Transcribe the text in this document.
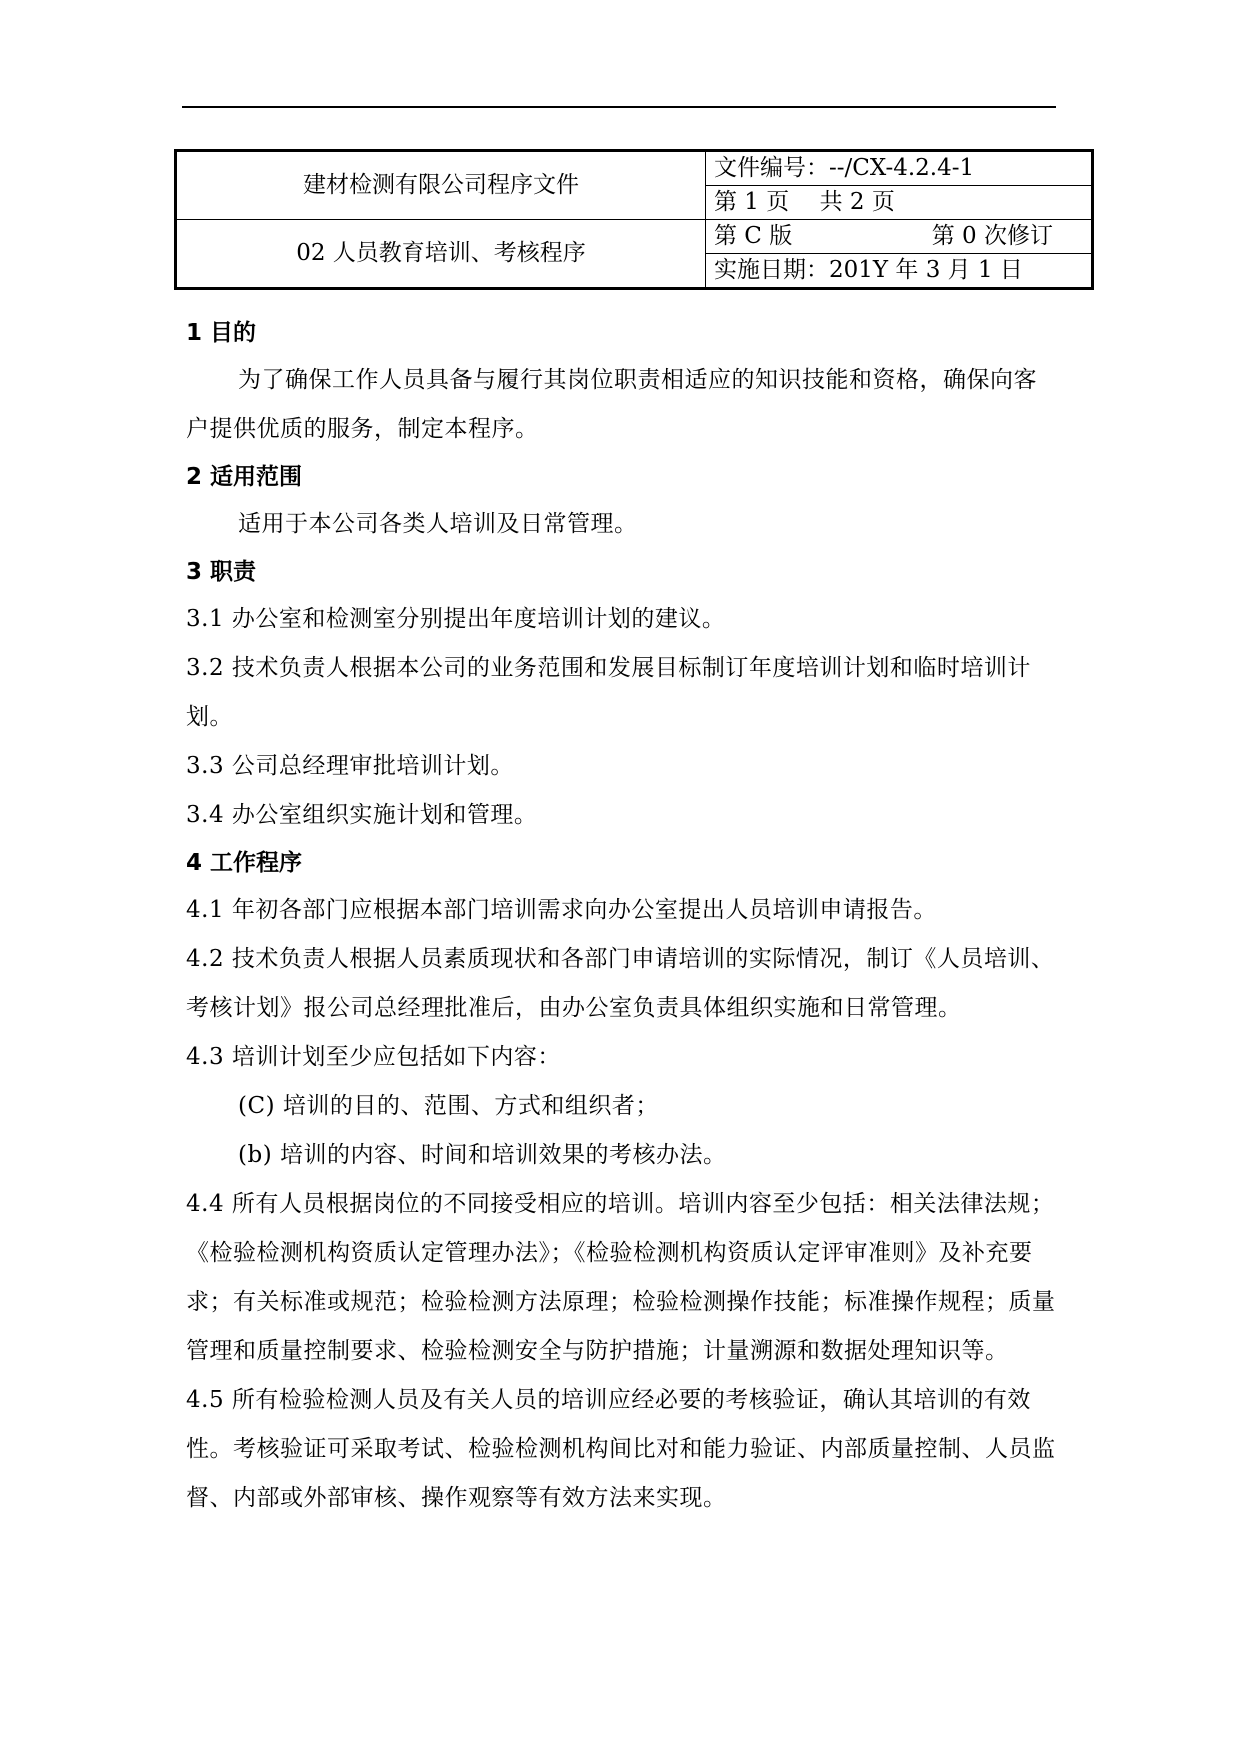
建材检测有限公司程序文件	文件编号：--/CX-4.2.4-1
	第 1 页　 共 2 页
02 人员教育培训、考核程序	第 C 版 第 0 次修订

	实施日期：201Y 年 3 月 1 日
1 目的

为了确保工作人员具备与履行其岗位职责相适应的知识技能和资格，确保向客户提供优质的服务，制定本程序。

2 适用范围

适用于本公司各类人培训及日常管理。

3 职责

3.1 办公室和检测室分别提出年度培训计划的建议。

3.2 技术负责人根据本公司的业务范围和发展目标制订年度培训计划和临时培训计划。

3.3 公司总经理审批培训计划。

3.4 办公室组织实施计划和管理。

4 工作程序

4.1 年初各部门应根据本部门培训需求向办公室提出人员培训申请报告。

4.2 技术负责人根据人员素质现状和各部门申请培训的实际情况，制订《人员培训、考核计划》报公司总经理批准后，由办公室负责具体组织实施和日常管理。

4.3 培训计划至少应包括如下内容：

(C) 培训的目的、范围、方式和组织者；

(b) 培训的内容、时间和培训效果的考核办法。

4.4 所有人员根据岗位的不同接受相应的培训。培训内容至少包括：相关法律法规；《检验检测机构资质认定管理办法》；《检验检测机构资质认定评审准则》及补充要求；有关标准或规范；检验检测方法原理；检验检测操作技能；标准操作规程；质量管理和质量控制要求、检验检测安全与防护措施；计量溯源和数据处理知识等。

4.5 所有检验检测人员及有关人员的培训应经必要的考核验证，确认其培训的有效性。考核验证可采取考试、检验检测机构间比对和能力验证、内部质量控制、人员监督、内部或外部审核、操作观察等有效方法来实现。
